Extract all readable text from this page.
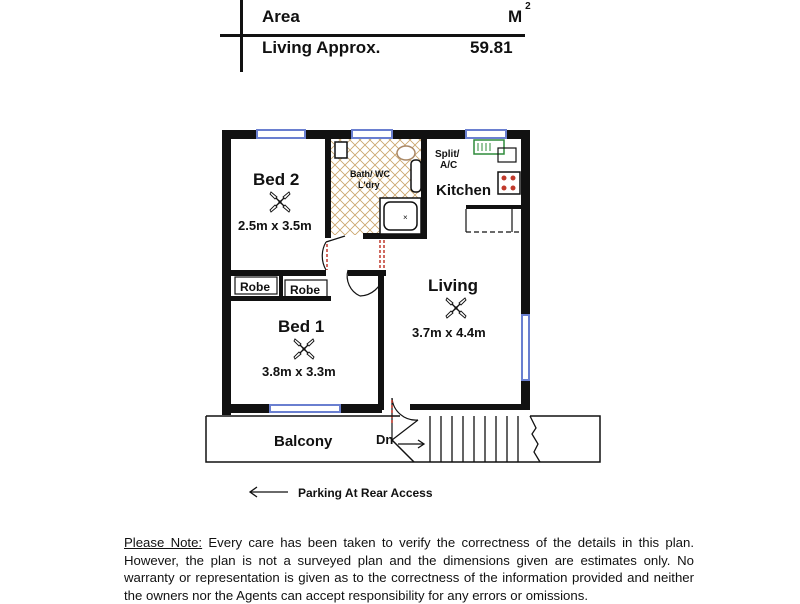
Area	$M^2$
Living Approx.	59.81
×
Bed 2
2.5m x 3.5m
Bath/ WC
L'dry
Split/
A/C
Kitchen
Robe Robe	Living
3.7m x 4.4m
Bed 1
3.8m x 3.3m
Balcony	Dn
Parking At Rear Access
Please Note: Every care has been taken to verify the correctness of the details in this plan. However, the plan is not a surveyed plan and the dimensions given are estimates only. No warranty or representation is given as to the correctness of the information provided and neither the owners nor the Agents can accept responsibility for any errors or omissions.
